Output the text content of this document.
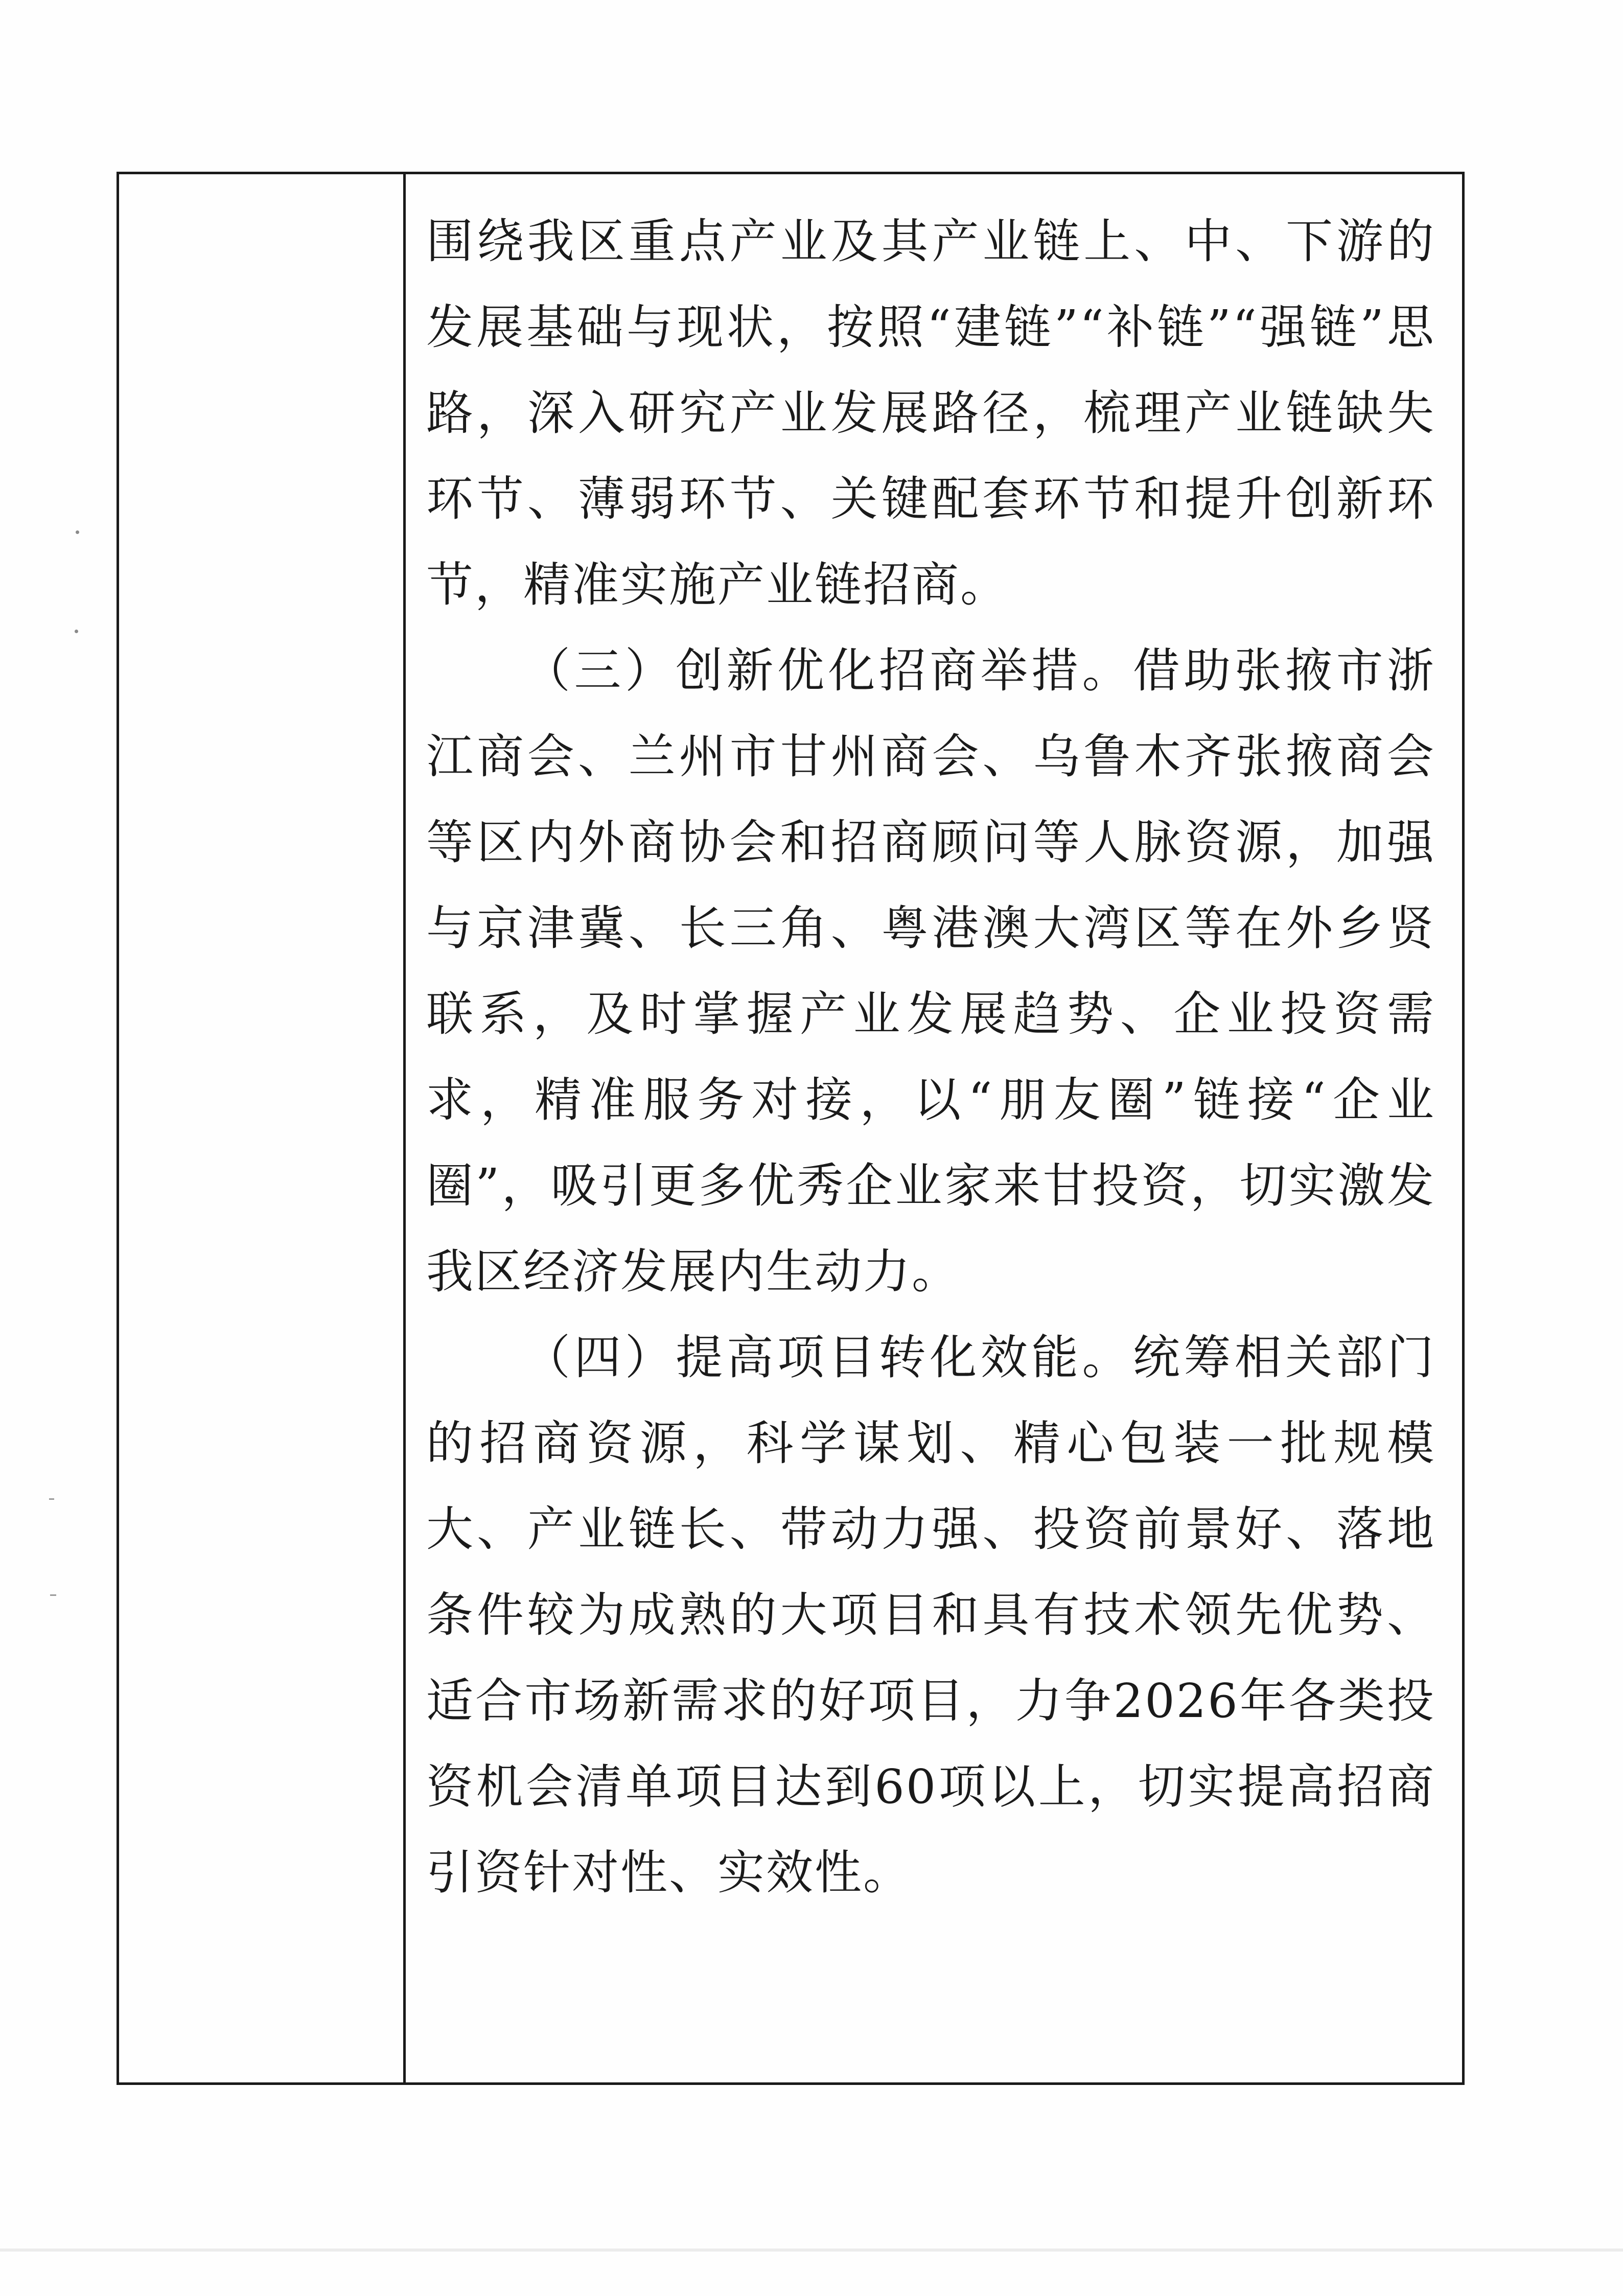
围绕我区重点产业及其产业链上、中、下游的发展基础与现状，按照“建链”“补链”“强链”思路，深入研究产业发展路径，梳理产业链缺失环节、薄弱环节、关键配套环节和提升创新环节，精准实施产业链招商。

（三）创新优化招商举措。借助张掖市浙江商会、兰州市甘州商会、乌鲁木齐张掖商会等区内外商协会和招商顾问等人脉资源，加强与京津冀、长三角、粤港澳大湾区等在外乡贤联系，及时掌握产业发展趋势、企业投资需求，精准服务对接，以“朋友圈”链接“企业圈”，吸引更多优秀企业家来甘投资，切实激发我区经济发展内生动力。

（四）提高项目转化效能。统筹相关部门的招商资源，科学谋划、精心包装一批规模大、产业链长、带动力强、投资前景好、落地条件较为成熟的大项目和具有技术领先优势、适合市场新需求的好项目，力争2026年各类投资机会清单项目达到60项以上，切实提高招商引资针对性、实效性。
